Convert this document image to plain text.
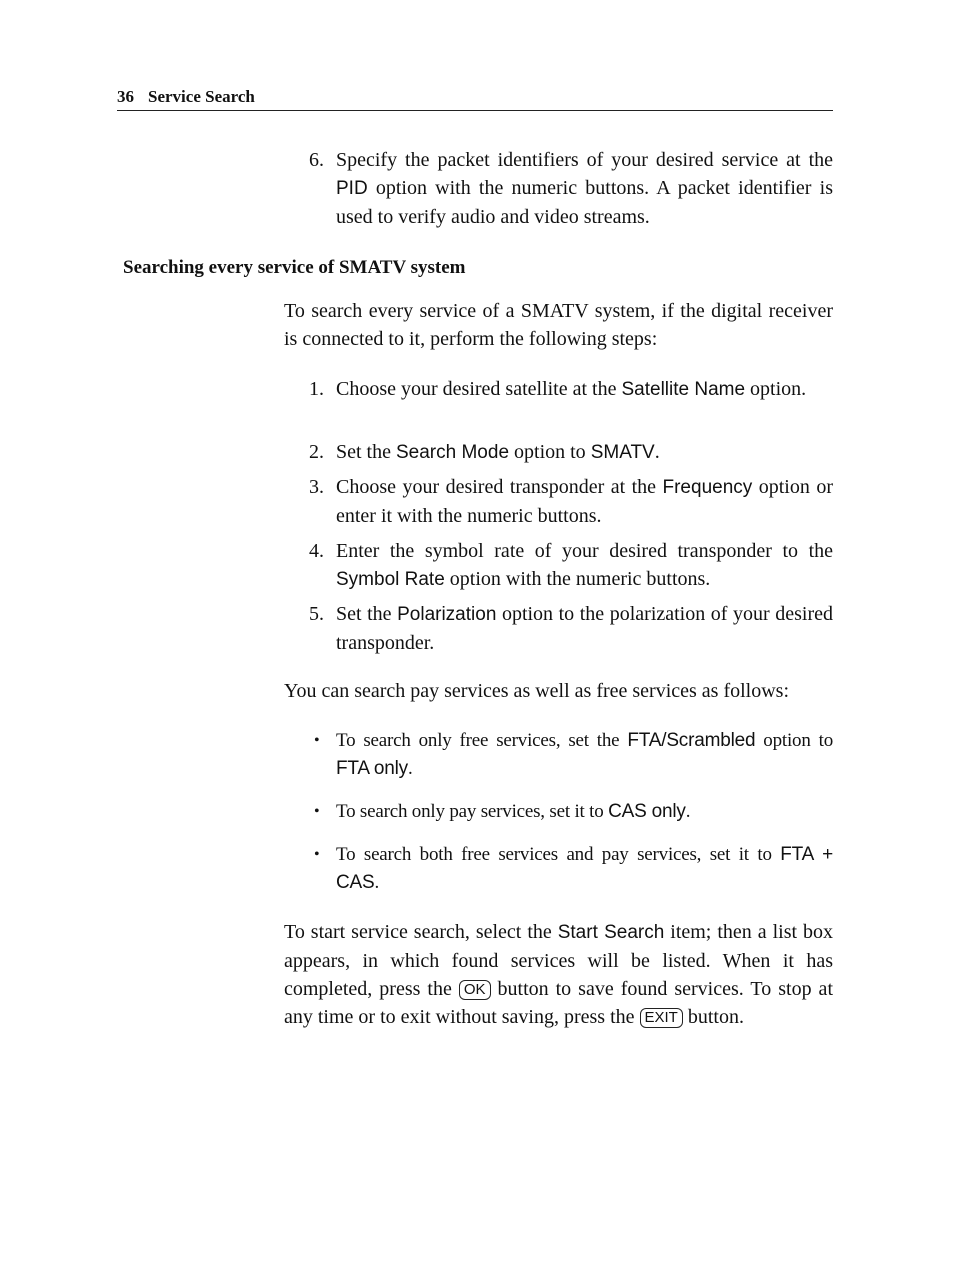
36 Service Search
6. Specify the packet identifiers of your desired service at the PID option with the numeric buttons. A packet identifier is used to verify audio and video streams.
Searching every service of SMATV system

To search every service of a SMATV system, if the digital receiver is connected to it, perform the following steps:

1. Choose your desired satellite at the Satellite Name option.
2. Set the Search Mode option to SMATV.
3. Choose your desired transponder at the Frequency option or enter it with the numeric buttons.
4. Enter the symbol rate of your desired transponder to the Symbol Rate option with the numeric buttons.
5. Set the Polarization option to the polarization of your desired transponder.

You can search pay services as well as free services as follows:

• To search only free services, set the FTA/Scrambled option to FTA only.
• To search only pay services, set it to CAS only.
• To search both free services and pay services, set it to FTA + CAS.

To start service search, select the Start Search item; then a list box appears, in which found services will be listed. When it has completed, press the OK button to save found services. To stop at any time or to exit without saving, press the EXIT button.
